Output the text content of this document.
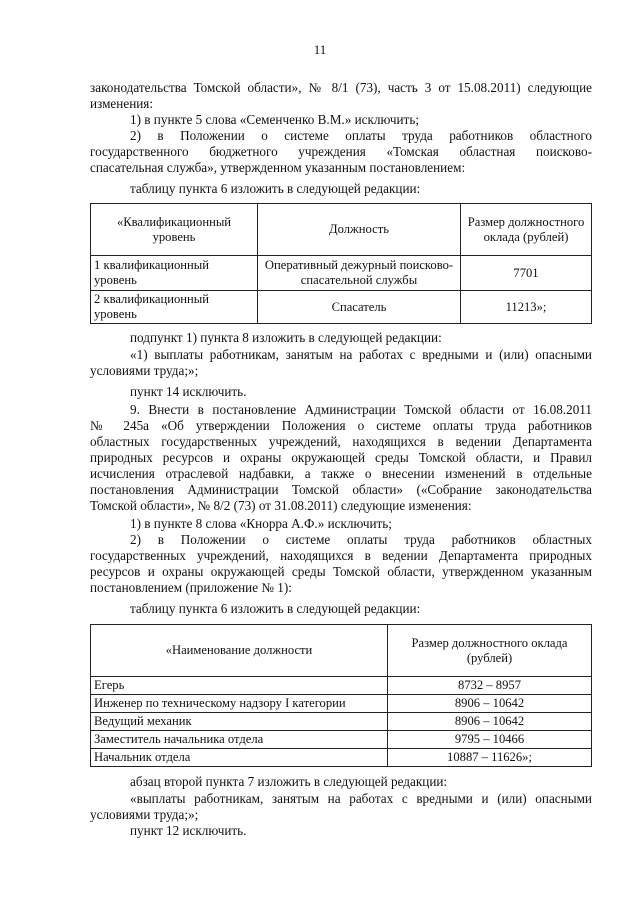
11
законодательства Томской области», № 8/1 (73), часть 3 от 15.08.2011) следующие
изменения:
1) в пункте 5 слова «Семенченко В.М.» исключить;
2) в Положении о системе оплаты труда работников областного
государственного бюджетного учреждения «Томская областная поисково-
спасательная служба», утвержденном указанным постановлением:
таблицу пункта 6 изложить в следующей редакции:
«Квалификационный уровень	Должность	Размер должностного оклада (рублей)
1 квалификационный уровень	Оперативный дежурный поисково-спасательной службы	7701
2 квалификационный уровень	Спасатель	11213»;
подпункт 1) пункта 8 изложить в следующей редакции:
«1) выплаты работникам, занятым на работах с вредными и (или) опасными
условиями труда;»;
пункт 14 исключить.
9. Внести в постановление Администрации Томской области от 16.08.2011
№ 245а «Об утверждении Положения о системе оплаты труда работников
областных государственных учреждений, находящихся в ведении Департамента
природных ресурсов и охраны окружающей среды Томской области, и Правил
исчисления отраслевой надбавки, а также о внесении изменений в отдельные
постановления Администрации Томской области» («Собрание законодательства
Томской области», № 8/2 (73) от 31.08.2011) следующие изменения:
1) в пункте 8 слова «Кнорра А.Ф.» исключить;
2) в Положении о системе оплаты труда работников областных
государственных учреждений, находящихся в ведении Департамента природных
ресурсов и охраны окружающей среды Томской области, утвержденном указанным
постановлением (приложение № 1):
таблицу пункта 6 изложить в следующей редакции:
«Наименование должности	Размер должностного оклада (рублей)
Егерь	8732 – 8957
Инженер по техническому надзору I категории	8906 – 10642
Ведущий механик	8906 – 10642
Заместитель начальника отдела	9795 – 10466
Начальник отдела	10887 – 11626»;
абзац второй пункта 7 изложить в следующей редакции:
«выплаты работникам, занятым на работах с вредными и (или) опасными
условиями труда;»;
пункт 12 исключить.
